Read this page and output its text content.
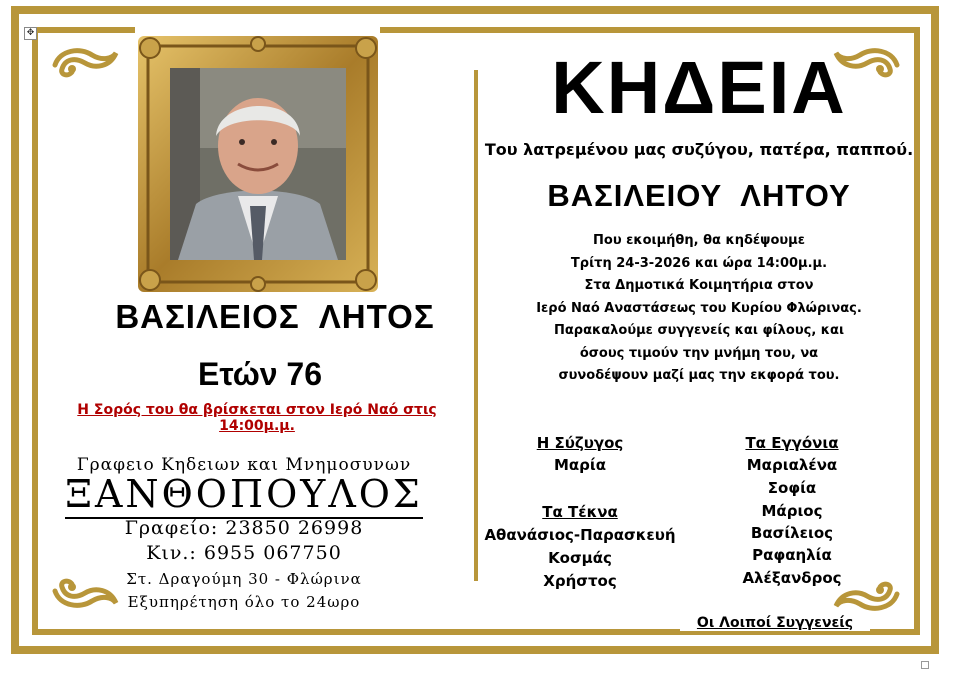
✥
ΚΗΔΕΙΑ
Του λατρεμένου μας συζύγου, πατέρα, παππού.
ΒΑΣΙΛΕΙΟΥ  ΛΗΤΟΥ
Που εκοιμήθη, θα κηδέψουμε
Τρίτη 24-3-2026 και ώρα 14:00μ.μ.
Στα Δημοτικά Κοιμητήρια στον
Ιερό Ναό Αναστάσεως του Κυρίου Φλώρινας.
Παρακαλούμε συγγενείς και φίλους, και
όσους τιμούν την μνήμη του, να
συνοδέψουν μαζί μας την εκφορά του.
ΒΑΣΙΛΕΙΟΣ  ΛΗΤΟΣ
Ετών 76
Η Σορός του θα βρίσκεται στον Ιερό Ναό στις 14:00μ.μ.
Γραφειο Κηδειων και Μνημοσυνων
ΞΑΝΘΟΠΟΥΛΟΣ
Γραφείο: 23850 26998
Κιν.: 6955 067750
Στ. Δραγούμη 30 - Φλώρινα
Εξυπηρέτηση όλο το 24ωρο
Η Σύζυγος
Μαρία
Τα Τέκνα
Αθανάσιος-Παρασκευή
Κοσμάς
Χρήστος
Τα Εγγόνια
Μαριαλένα
Σοφία
Μάριος
Βασίλειος
Ραφαηλία
Αλέξανδρος
Οι Λοιποί Συγγενείς
